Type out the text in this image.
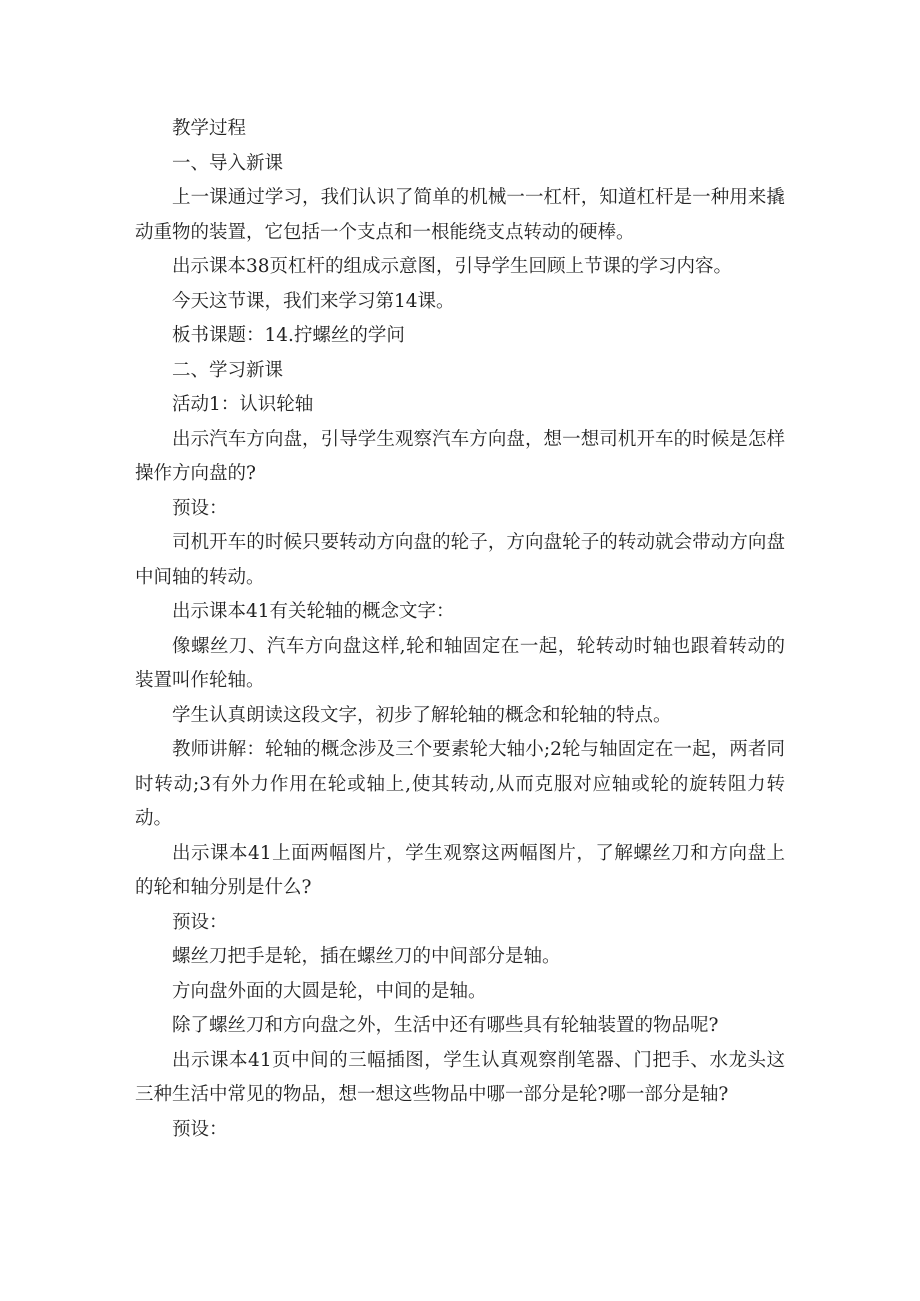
教学过程

一、导入新课

上一课通过学习，我们认识了简单的机械一一杠杆，知道杠杆是一种用来撬动重物的装置，它包括一个支点和一根能绕支点转动的硬棒。

出示课本38页杠杆的组成示意图，引导学生回顾上节课的学习内容。

今天这节课，我们来学习第14课。

板书课题：14.拧螺丝的学问

二、学习新课

活动1：认识轮轴

出示汽车方向盘，引导学生观察汽车方向盘，想一想司机开车的时候是怎样操作方向盘的?

预设：

司机开车的时候只要转动方向盘的轮子，方向盘轮子的转动就会带动方向盘中间轴的转动。

出示课本41有关轮轴的概念文字：

像螺丝刀、汽车方向盘这样,轮和轴固定在一起，轮转动时轴也跟着转动的装置叫作轮轴。

学生认真朗读这段文字，初步了解轮轴的概念和轮轴的特点。

教师讲解：轮轴的概念涉及三个要素轮大轴小;2轮与轴固定在一起，两者同时转动;3有外力作用在轮或轴上,使其转动,从而克服对应轴或轮的旋转阻力转动。

出示课本41上面两幅图片，学生观察这两幅图片，了解螺丝刀和方向盘上的轮和轴分别是什么?

预设：

螺丝刀把手是轮，插在螺丝刀的中间部分是轴。

方向盘外面的大圆是轮，中间的是轴。

除了螺丝刀和方向盘之外，生活中还有哪些具有轮轴装置的物品呢?

出示课本41页中间的三幅插图，学生认真观察削笔器、门把手、水龙头这三种生活中常见的物品，想一想这些物品中哪一部分是轮?哪一部分是轴?

预设：
